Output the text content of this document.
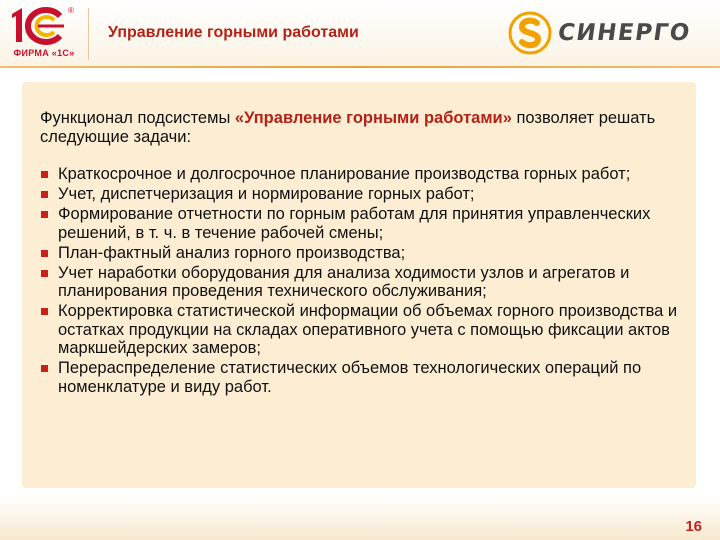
®
ФИРМА «1С»
Управление горными работами	СИНЕРГО
Функционал подсистемы «Управление горными работами» позволяет решать следующие задачи:
Краткосрочное и долгосрочное планирование производства горных работ;
Учет, диспетчеризация и нормирование горных работ;
Формирование отчетности по горным работам для принятия управленческих решений, в т. ч. в течение рабочей смены;
План-фактный анализ горного производства;
Учет наработки оборудования для анализа ходимости узлов и агрегатов и планирования проведения технического обслуживания;
Корректировка статистической информации об объемах горного производства и остатках продукции на складах оперативного учета с помощью фиксации актов маркшейдерских замеров;
Перераспределение статистических объемов технологических операций по номенклатуре и виду работ.
16
